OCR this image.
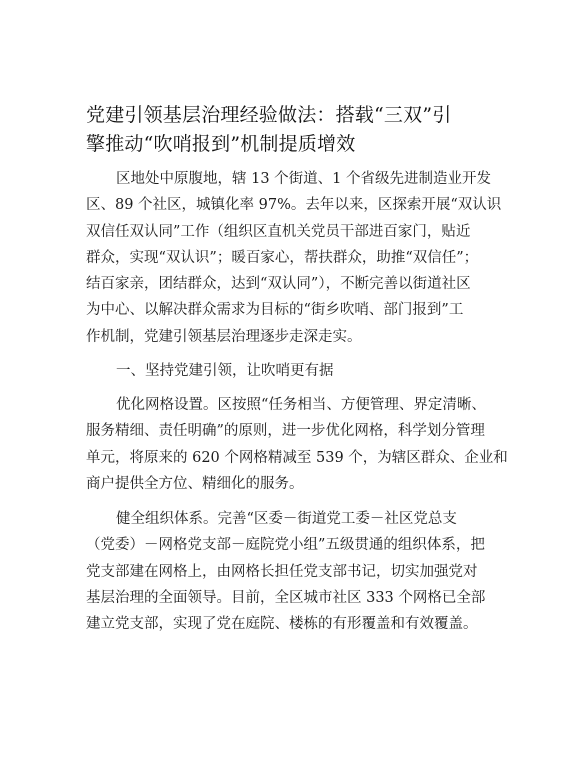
党建引领基层治理经验做法：搭载“三双”引
擎推动“吹哨报到”机制提质增效

区地处中原腹地，辖 13 个街道、1 个省级先进制造业开发
区、89 个社区，城镇化率 97%。去年以来，区探索开展“双认识
双信任双认同”工作（组织区直机关党员干部进百家门，贴近
群众，实现“双认识”；暖百家心，帮扶群众，助推“双信任”；
结百家亲，团结群众，达到“双认同”），不断完善以街道社区
为中心、以解决群众需求为目标的“街乡吹哨、部门报到”工
作机制，党建引领基层治理逐步走深走实。

一、坚持党建引领，让吹哨更有据

优化网格设置。区按照“任务相当、方便管理、界定清晰、
服务精细、责任明确”的原则，进一步优化网格，科学划分管理
单元，将原来的 620 个网格精减至 539 个，为辖区群众、企业和
商户提供全方位、精细化的服务。

健全组织体系。完善“区委－街道党工委－社区党总支
（党委）－网格党支部－庭院党小组”五级贯通的组织体系，把
党支部建在网格上，由网格长担任党支部书记，切实加强党对
基层治理的全面领导。目前，全区城市社区 333 个网格已全部
建立党支部，实现了党在庭院、楼栋的有形覆盖和有效覆盖。
